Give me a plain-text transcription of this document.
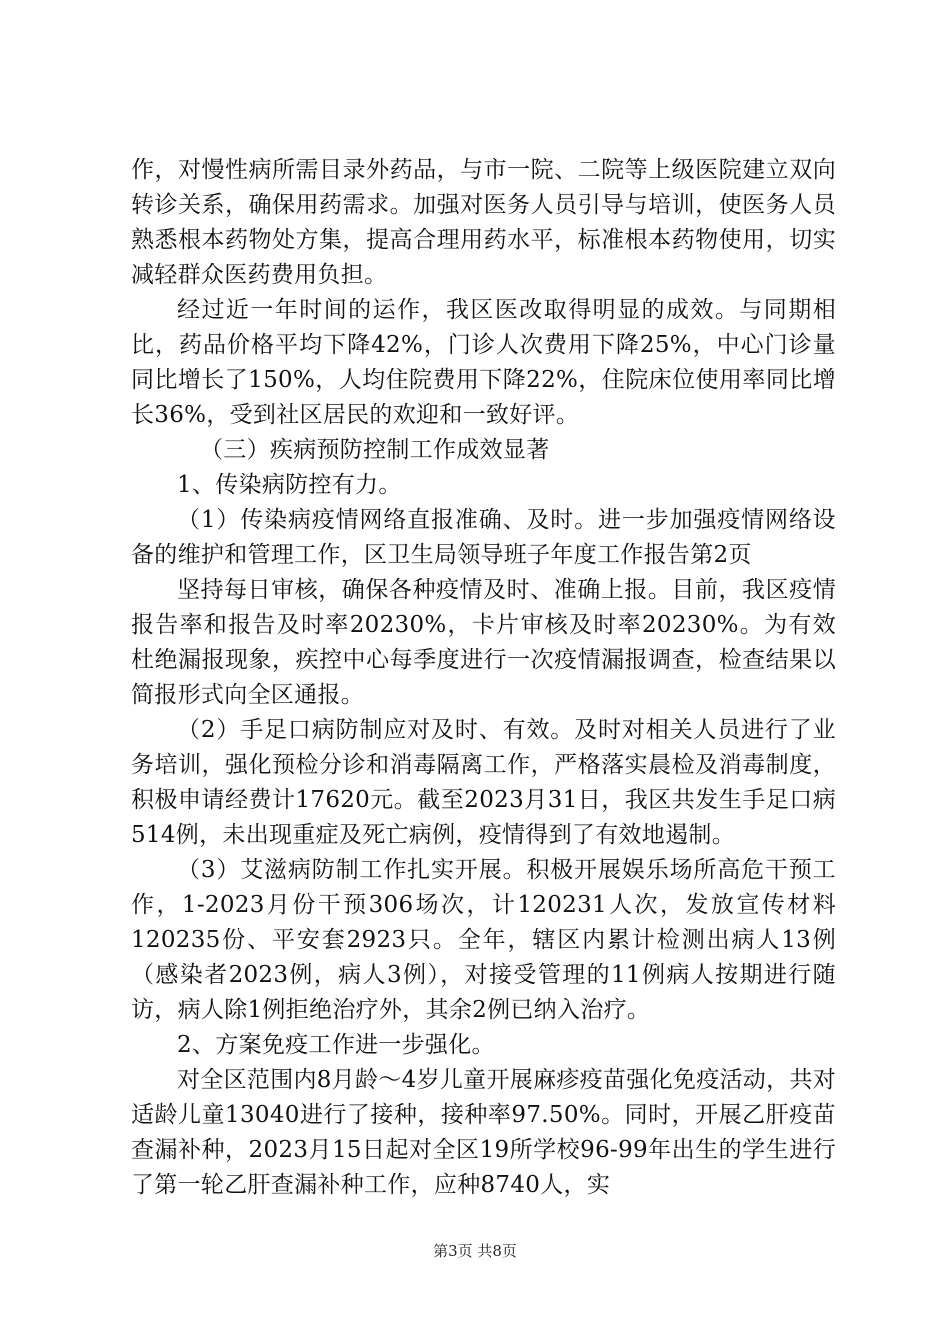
作，对慢性病所需目录外药品，与市一院、二院等上级医院建立双向转诊关系，确保用药需求。加强对医务人员引导与培训，使医务人员熟悉根本药物处方集，提高合理用药水平，标准根本药物使用，切实减轻群众医药费用负担。

经过近一年时间的运作，我区医改取得明显的成效。与同期相比，药品价格平均下降42%，门诊人次费用下降25%，中心门诊量同比增长了150%，人均住院费用下降22%，住院床位使用率同比增长36%，受到社区居民的欢迎和一致好评。

（三）疾病预防控制工作成效显著

1、传染病防控有力。

（1）传染病疫情网络直报准确、及时。进一步加强疫情网络设备的维护和管理工作，区卫生局领导班子年度工作报告第2页

坚持每日审核，确保各种疫情及时、准确上报。目前，我区疫情报告率和报告及时率20230%，卡片审核及时率20230%。为有效杜绝漏报现象，疾控中心每季度进行一次疫情漏报调查，检查结果以简报形式向全区通报。

（2）手足口病防制应对及时、有效。及时对相关人员进行了业务培训，强化预检分诊和消毒隔离工作，严格落实晨检及消毒制度，积极申请经费计17620元。截至2023月31日，我区共发生手足口病514例，未出现重症及死亡病例，疫情得到了有效地遏制。

（3）艾滋病防制工作扎实开展。积极开展娱乐场所高危干预工作，1-2023月份干预306场次，计120231人次，发放宣传材料120235份、平安套2923只。全年，辖区内累计检测出病人13例（感染者2023例，病人3例），对接受管理的11例病人按期进行随访，病人除1例拒绝治疗外，其余2例已纳入治疗。

2、方案免疫工作进一步强化。

对全区范围内8月龄～4岁儿童开展麻疹疫苗强化免疫活动，共对适龄儿童13040进行了接种，接种率97.50%。同时，开展乙肝疫苗查漏补种，2023月15日起对全区19所学校96-99年出生的学生进行了第一轮乙肝查漏补种工作，应种8740人，实

第3页 共8页
